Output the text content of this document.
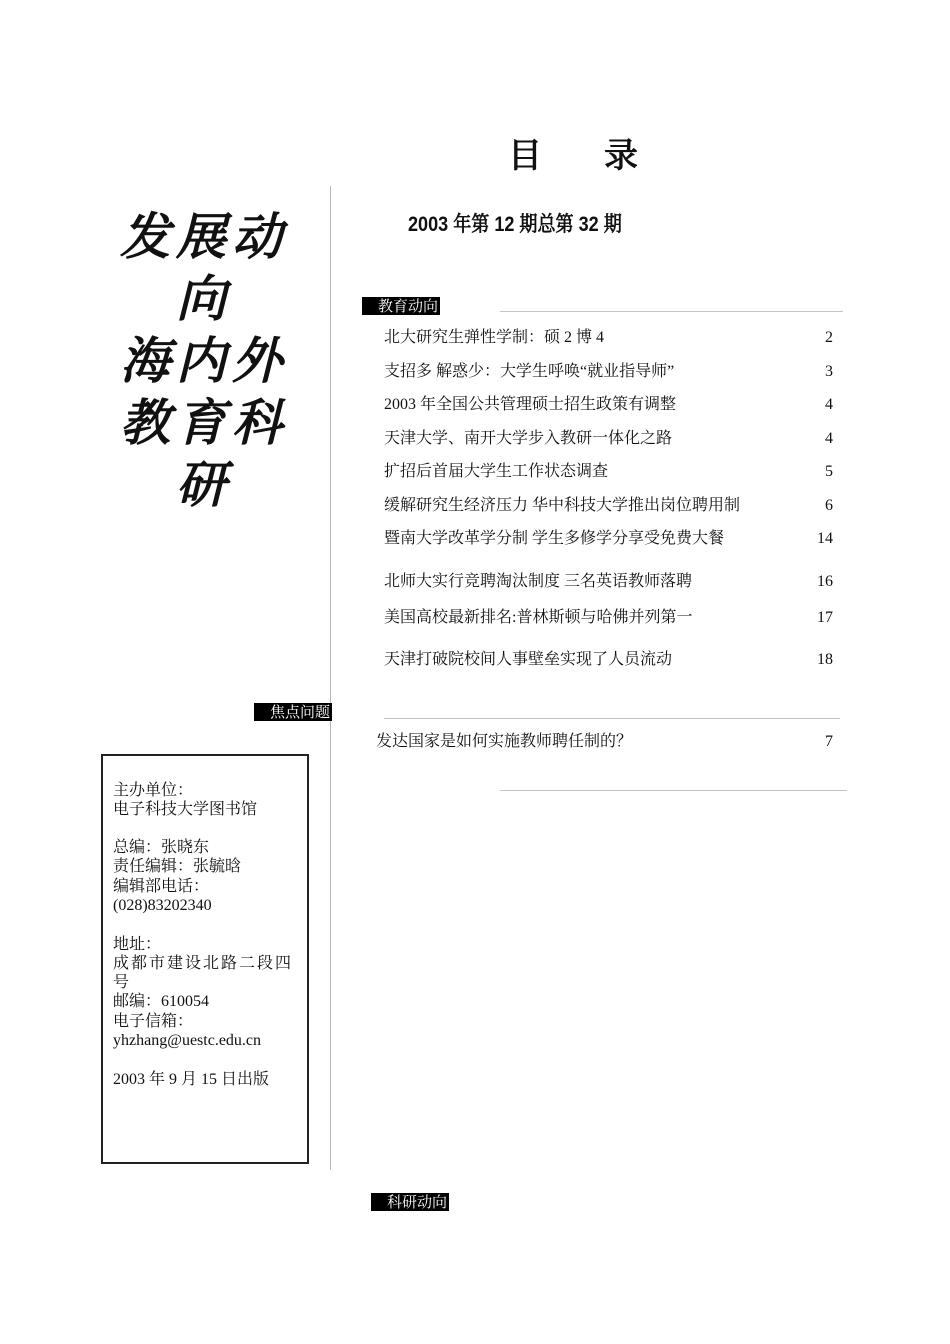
目录
2003 年第 12 期总第 32 期
发展动
向
海内外
教育科
研
教育动向
北大研究生弹性学制：硕 2 博 4	2
支招多 解惑少：大学生呼唤“就业指导师”	3
2003 年全国公共管理硕士招生政策有调整	4
天津大学、南开大学步入教研一体化之路	4
扩招后首届大学生工作状态调查	5
缓解研究生经济压力 华中科技大学推出岗位聘用制	6
暨南大学改革学分制 学生多修学分享受免费大餐	14
北师大实行竞聘淘汰制度 三名英语教师落聘	16
美国高校最新排名:普林斯顿与哈佛并列第一	17
天津打破院校间人事壁垒实现了人员流动	18
焦点问题
发达国家是如何实施教师聘任制的？	7
主办单位：
电子科技大学图书馆
总编：张晓东
责任编辑：张毓晗
编辑部电话：
(028)83202340
地址：
成都市建设北路二段四
号
邮编：610054
电子信箱：
yhzhang@uestc.edu.cn
2003 年 9 月 15 日出版
科研动向
